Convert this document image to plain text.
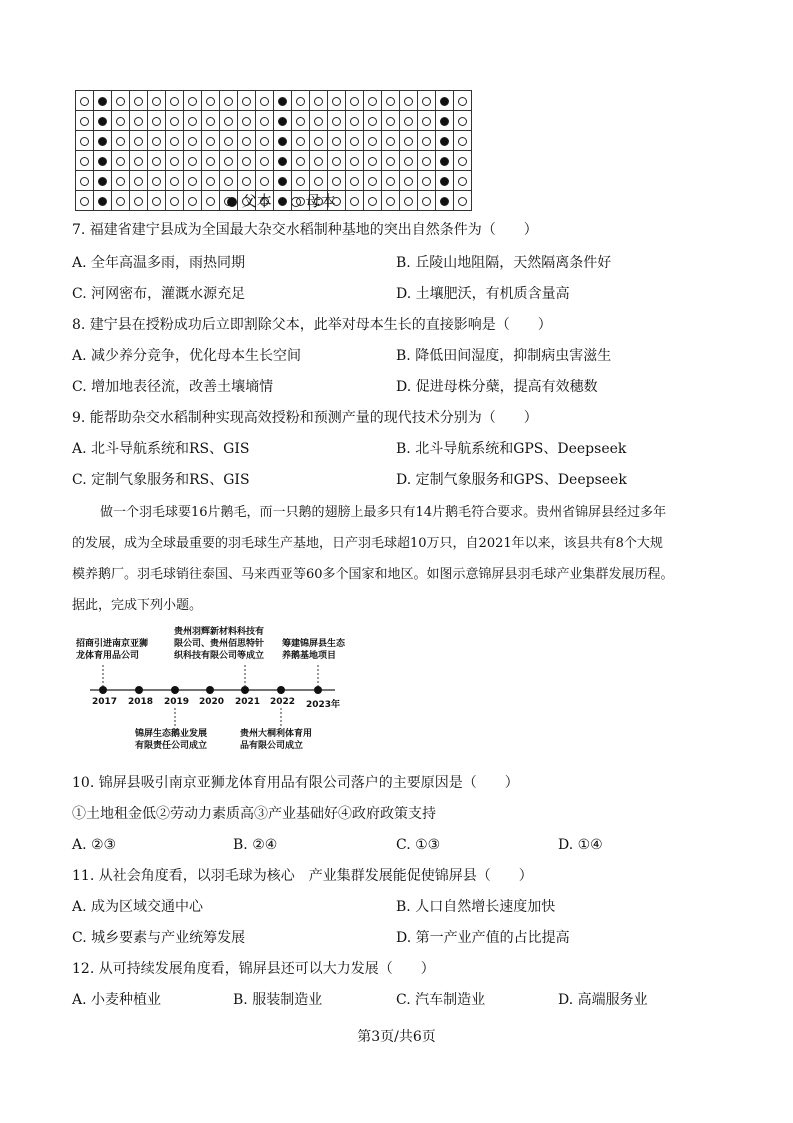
父本 母本
7. 福建省建宁县成为全国最大杂交水稻制种基地的突出自然条件为（　　）
A. 全年高温多雨，雨热同期	B. 丘陵山地阻隔，天然隔离条件好
C. 河网密布，灌溉水源充足	D. 土壤肥沃，有机质含量高
8. 建宁县在授粉成功后立即割除父本，此举对母本生长的直接影响是（　　）
A. 减少养分竞争，优化母本生长空间	B. 降低田间湿度，抑制病虫害滋生
C. 增加地表径流，改善土壤墒情	D. 促进母株分蘖，提高有效穗数
9. 能帮助杂交水稻制种实现高效授粉和预测产量的现代技术分别为（　　）
A. 北斗导航系统和RS、GIS	B. 北斗导航系统和GPS、Deepseek
C. 定制气象服务和RS、GIS	D. 定制气象服务和GPS、Deepseek
做一个羽毛球要16片鹅毛，而一只鹅的翅膀上最多只有14片鹅毛符合要求。贵州省锦屏县经过多年
的发展，成为全球最重要的羽毛球生产基地，日产羽毛球超10万只，自2021年以来，该县共有8个大规
模养鹅厂。羽毛球销往泰国、马来西亚等60多个国家和地区。如图示意锦屏县羽毛球产业集群发展历程。
据此，完成下列小题。
招商引进南京亚狮
龙体育用品公司
贵州羽辉新材料科技有
限公司、贵州佰思特针
织科技有限公司等成立
筹建锦屏县生态
养鹅基地项目
锦屏生态鹅业发展
有限责任公司成立
贵州大桐利体育用
品有限公司成立
2017 2018 2019 2020 2021 2022 2023年
10. 锦屏县吸引南京亚狮龙体育用品有限公司落户的主要原因是（　　）
①土地租金低②劳动力素质高③产业基础好④政府政策支持
A. ②③	B. ②④	C. ①③	D. ①④
11. 从社会角度看，以羽毛球为核心　产业集群发展能促使锦屏县（　　）
A. 成为区域交通中心	B. 人口自然增长速度加快
C. 城乡要素与产业统筹发展	D. 第一产业产值的占比提高
12. 从可持续发展角度看，锦屏县还可以大力发展（　　）
A. 小麦种植业	B. 服装制造业	C. 汽车制造业	D. 高端服务业
第3页/共6页
